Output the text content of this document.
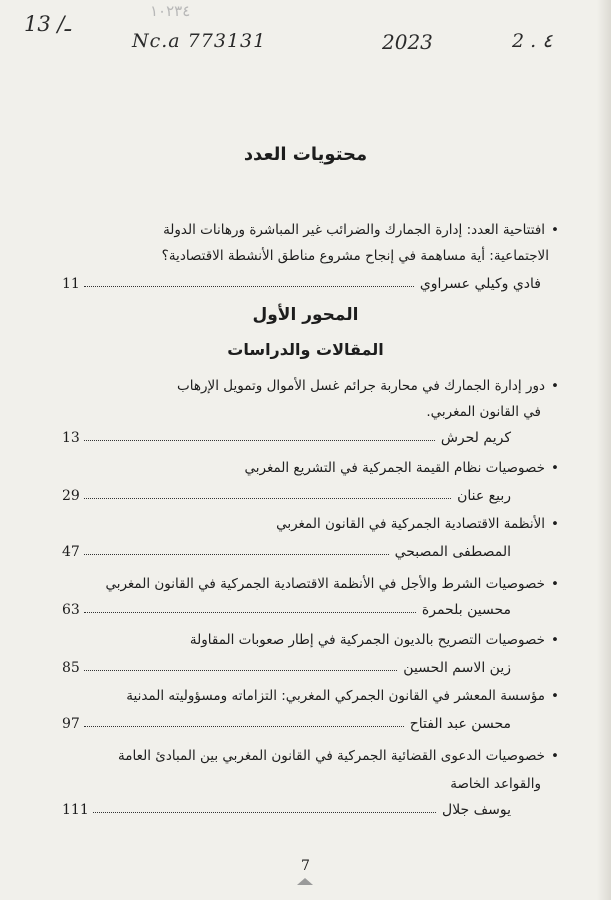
١٠٢٣٤
ـ/ 13
Nc.a 773131	2023	2 . ٤
محتويات العدد
• افتتاحية العدد: إدارة الجمارك والضرائب غير المباشرة ورهانات الدولة
الاجتماعية: أية مساهمة في إنجاح مشروع مناطق الأنشطة الاقتصادية؟
فادي وكيلي عسراوي
11
المحور الأول
المقالات والدراسات
• دور إدارة الجمارك في محاربة جرائم غسل الأموال وتمويل الإرهاب
في القانون المغربي.
كريم لحرش
13
• خصوصيات نظام القيمة الجمركية في التشريع المغربي
ربيع عنان
29
• الأنظمة الاقتصادية الجمركية في القانون المغربي
المصطفى المصبحي
47
• خصوصيات الشرط والأجل في الأنظمة الاقتصادية الجمركية في القانون المغربي
محسين بلحمرة
63
• خصوصيات التصريح بالديون الجمركية في إطار صعوبات المقاولة
زين الاسم الحسين
85
• مؤسسة المعشر في القانون الجمركي المغربي: التزاماته ومسؤوليته المدنية
محسن عبد الفتاح
97
• خصوصيات الدعوى القضائية الجمركية في القانون المغربي بين المبادئ العامة
والقواعد الخاصة
يوسف جلال
111
7
